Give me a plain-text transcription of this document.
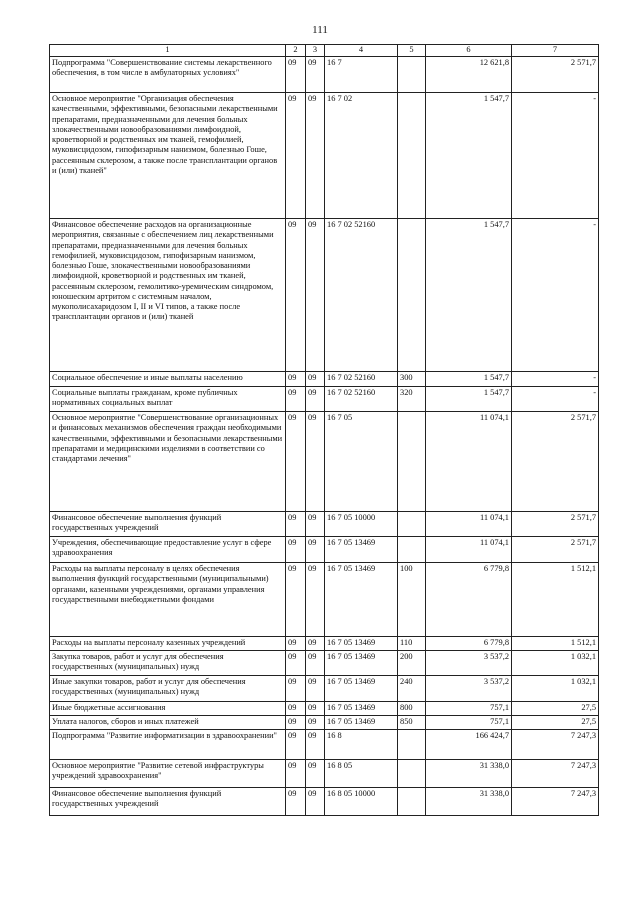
111
1	2	3	4	5	6	7
Подпрограмма "Совершенствование системы лекарственного обеспечения, в том числе в амбулаторных условиях"	09	09	16 7		12 621,8	2 571,7
Основное мероприятие "Организация обеспечения качественными, эффективными, безопасными лекарственными препаратами, предназначенными для лечения больных злокачественными новообразованиями лимфоидной, кроветворной и родственных им тканей, гемофилией, муковисцидозом, гипофизарным нанизмом, болезнью Гоше, рассеянным склерозом, а также после трансплантации органов и (или) тканей"	09	09	16 7 02		1 547,7	-
Финансовое обеспечение расходов на организационные мероприятия, связанные с обеспечением лиц лекарственными препаратами, предназначенными для лечения больных гемофилией, муковисцидозом, гипофизарным нанизмом, болезнью Гоше, злокачественными новообразованиями лимфоидной, кроветворной и родственных им тканей, рассеянным склерозом, гемолитико-уремическим синдромом, юношеским артритом с системным началом, мукополисахаридозом I, II и VI типов, а также после трансплантации органов и (или) тканей	09	09	16 7 02 52160		1 547,7	-
Социальное обеспечение и иные выплаты населению	09	09	16 7 02 52160	300	1 547,7	-
Социальные выплаты гражданам, кроме публичных нормативных социальных выплат	09	09	16 7 02 52160	320	1 547,7	-
Основное мероприятие "Совершенствование организационных и финансовых механизмов обеспечения граждан необходимыми качественными, эффективными и безопасными лекарственными препаратами и медицинскими изделиями в соответствии со стандартами лечения"	09	09	16 7 05		11 074,1	2 571,7
Финансовое обеспечение выполнения функций государственных учреждений	09	09	16 7 05 10000		11 074,1	2 571,7
Учреждения, обеспечивающие предоставление услуг в сфере здравоохранения	09	09	16 7 05 13469		11 074,1	2 571,7
Расходы на выплаты персоналу в целях обеспечения выполнения функций государственными (муниципальными) органами, казенными учреждениями, органами управления государственными внебюджетными фондами	09	09	16 7 05 13469	100	6 779,8	1 512,1
Расходы на выплаты персоналу казенных учреждений	09	09	16 7 05 13469	110	6 779,8	1 512,1
Закупка товаров, работ и услуг для обеспечения государственных (муниципальных) нужд	09	09	16 7 05 13469	200	3 537,2	1 032,1
Иные закупки товаров, работ и услуг для обеспечения государственных (муниципальных) нужд	09	09	16 7 05 13469	240	3 537,2	1 032,1
Иные бюджетные ассигнования	09	09	16 7 05 13469	800	757,1	27,5
Уплата налогов, сборов и иных платежей	09	09	16 7 05 13469	850	757,1	27,5
Подпрограмма "Развитие информатизации в здравоохранении"	09	09	16 8		166 424,7	7 247,3
Основное мероприятие "Развитие сетевой инфраструктуры учреждений здравоохранения"	09	09	16 8 05		31 338,0	7 247,3
Финансовое обеспечение выполнения функций государственных учреждений	09	09	16 8 05 10000		31 338,0	7 247,3
